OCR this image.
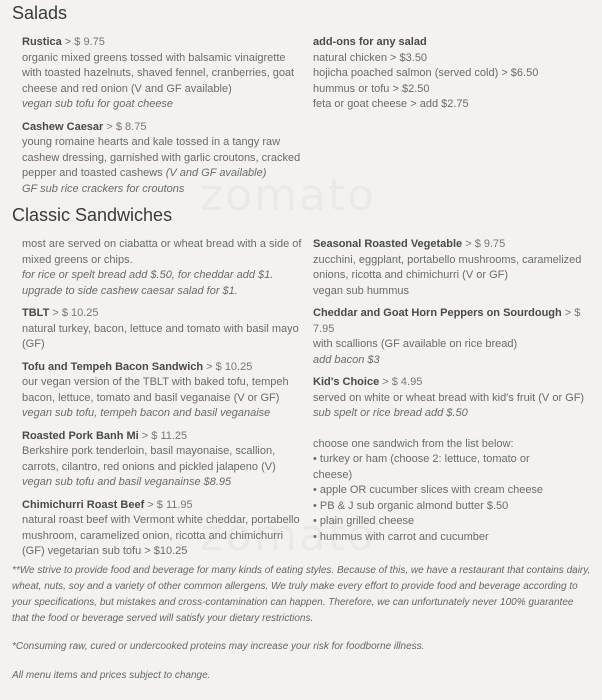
Salads
Rustica > $ 9.75
organic mixed greens tossed with balsamic vinaigrette with toasted hazelnuts, shaved fennel, cranberries, goat cheese and red onion (V and GF available)
vegan sub tofu for goat cheese
Cashew Caesar > $ 8.75
young romaine hearts and kale tossed in a tangy raw cashew dressing, garnished with garlic croutons, cracked pepper and toasted cashews (V and GF available)
GF sub rice crackers for croutons
add-ons for any salad
natural chicken > $3.50
hojicha poached salmon (served cold) > $6.50
hummus or tofu > $2.50
feta or goat cheese > add $2.75
Classic Sandwiches
most are served on ciabatta or wheat bread with a side of mixed greens or chips.
for rice or spelt bread add $.50, for cheddar add $1.
upgrade to side cashew caesar salad for $1.
TBLT > $ 10.25
natural turkey, bacon, lettuce and tomato with basil mayo (GF)
Tofu and Tempeh Bacon Sandwich > $ 10.25
our vegan version of the TBLT with baked tofu, tempeh bacon, lettuce, tomato and basil veganaise (V or GF)
vegan sub tofu, tempeh bacon and basil veganaise
Roasted Pork Banh Mi > $ 11.25
Berkshire pork tenderloin, basil mayonaise, scallion, carrots, cilantro, red onions and pickled jalapeno (V)
vegan sub tofu and basil veganainse $8.95
Chimichurri Roast Beef > $ 11.95
natural roast beef with Vermont white cheddar, portabello mushroom, caramelized onion, ricotta and chimichurri (GF) vegetarian sub tofu > $10.25
Seasonal Roasted Vegetable > $ 9.75
zucchini, eggplant, portabello mushrooms, caramelized onions, ricotta and chimichurri (V or GF)
vegan sub hummus
Cheddar and Goat Horn Peppers on Sourdough > $ 7.95
with scallions (GF available on rice bread)
add bacon $3
Kid's Choice > $ 4.95
served on white or wheat bread with kid's fruit (V or GF)
sub spelt or rice bread add $.50
choose one sandwich from the list below:
• turkey or ham (choose 2: lettuce, tomato or cheese)
• apple OR cucumber slices with cream cheese
• PB & J sub organic almond butter $.50
• plain grilled cheese
• hummus with carrot and cucumber
**We strive to provide food and beverage for many kinds of eating styles. Because of this, we have a restaurant that contains dairy, wheat, nuts, soy and a variety of other common allergens. We truly make every effort to provide food and beverage according to your specifications, but mistakes and cross-contamination can happen. Therefore, we can unfortunately never 100% guarantee that the food or beverage served will satisfy your dietary restrictions.
*Consuming raw, cured or undercooked proteins may increase your risk for foodborne illness.
All menu items and prices subject to change.
